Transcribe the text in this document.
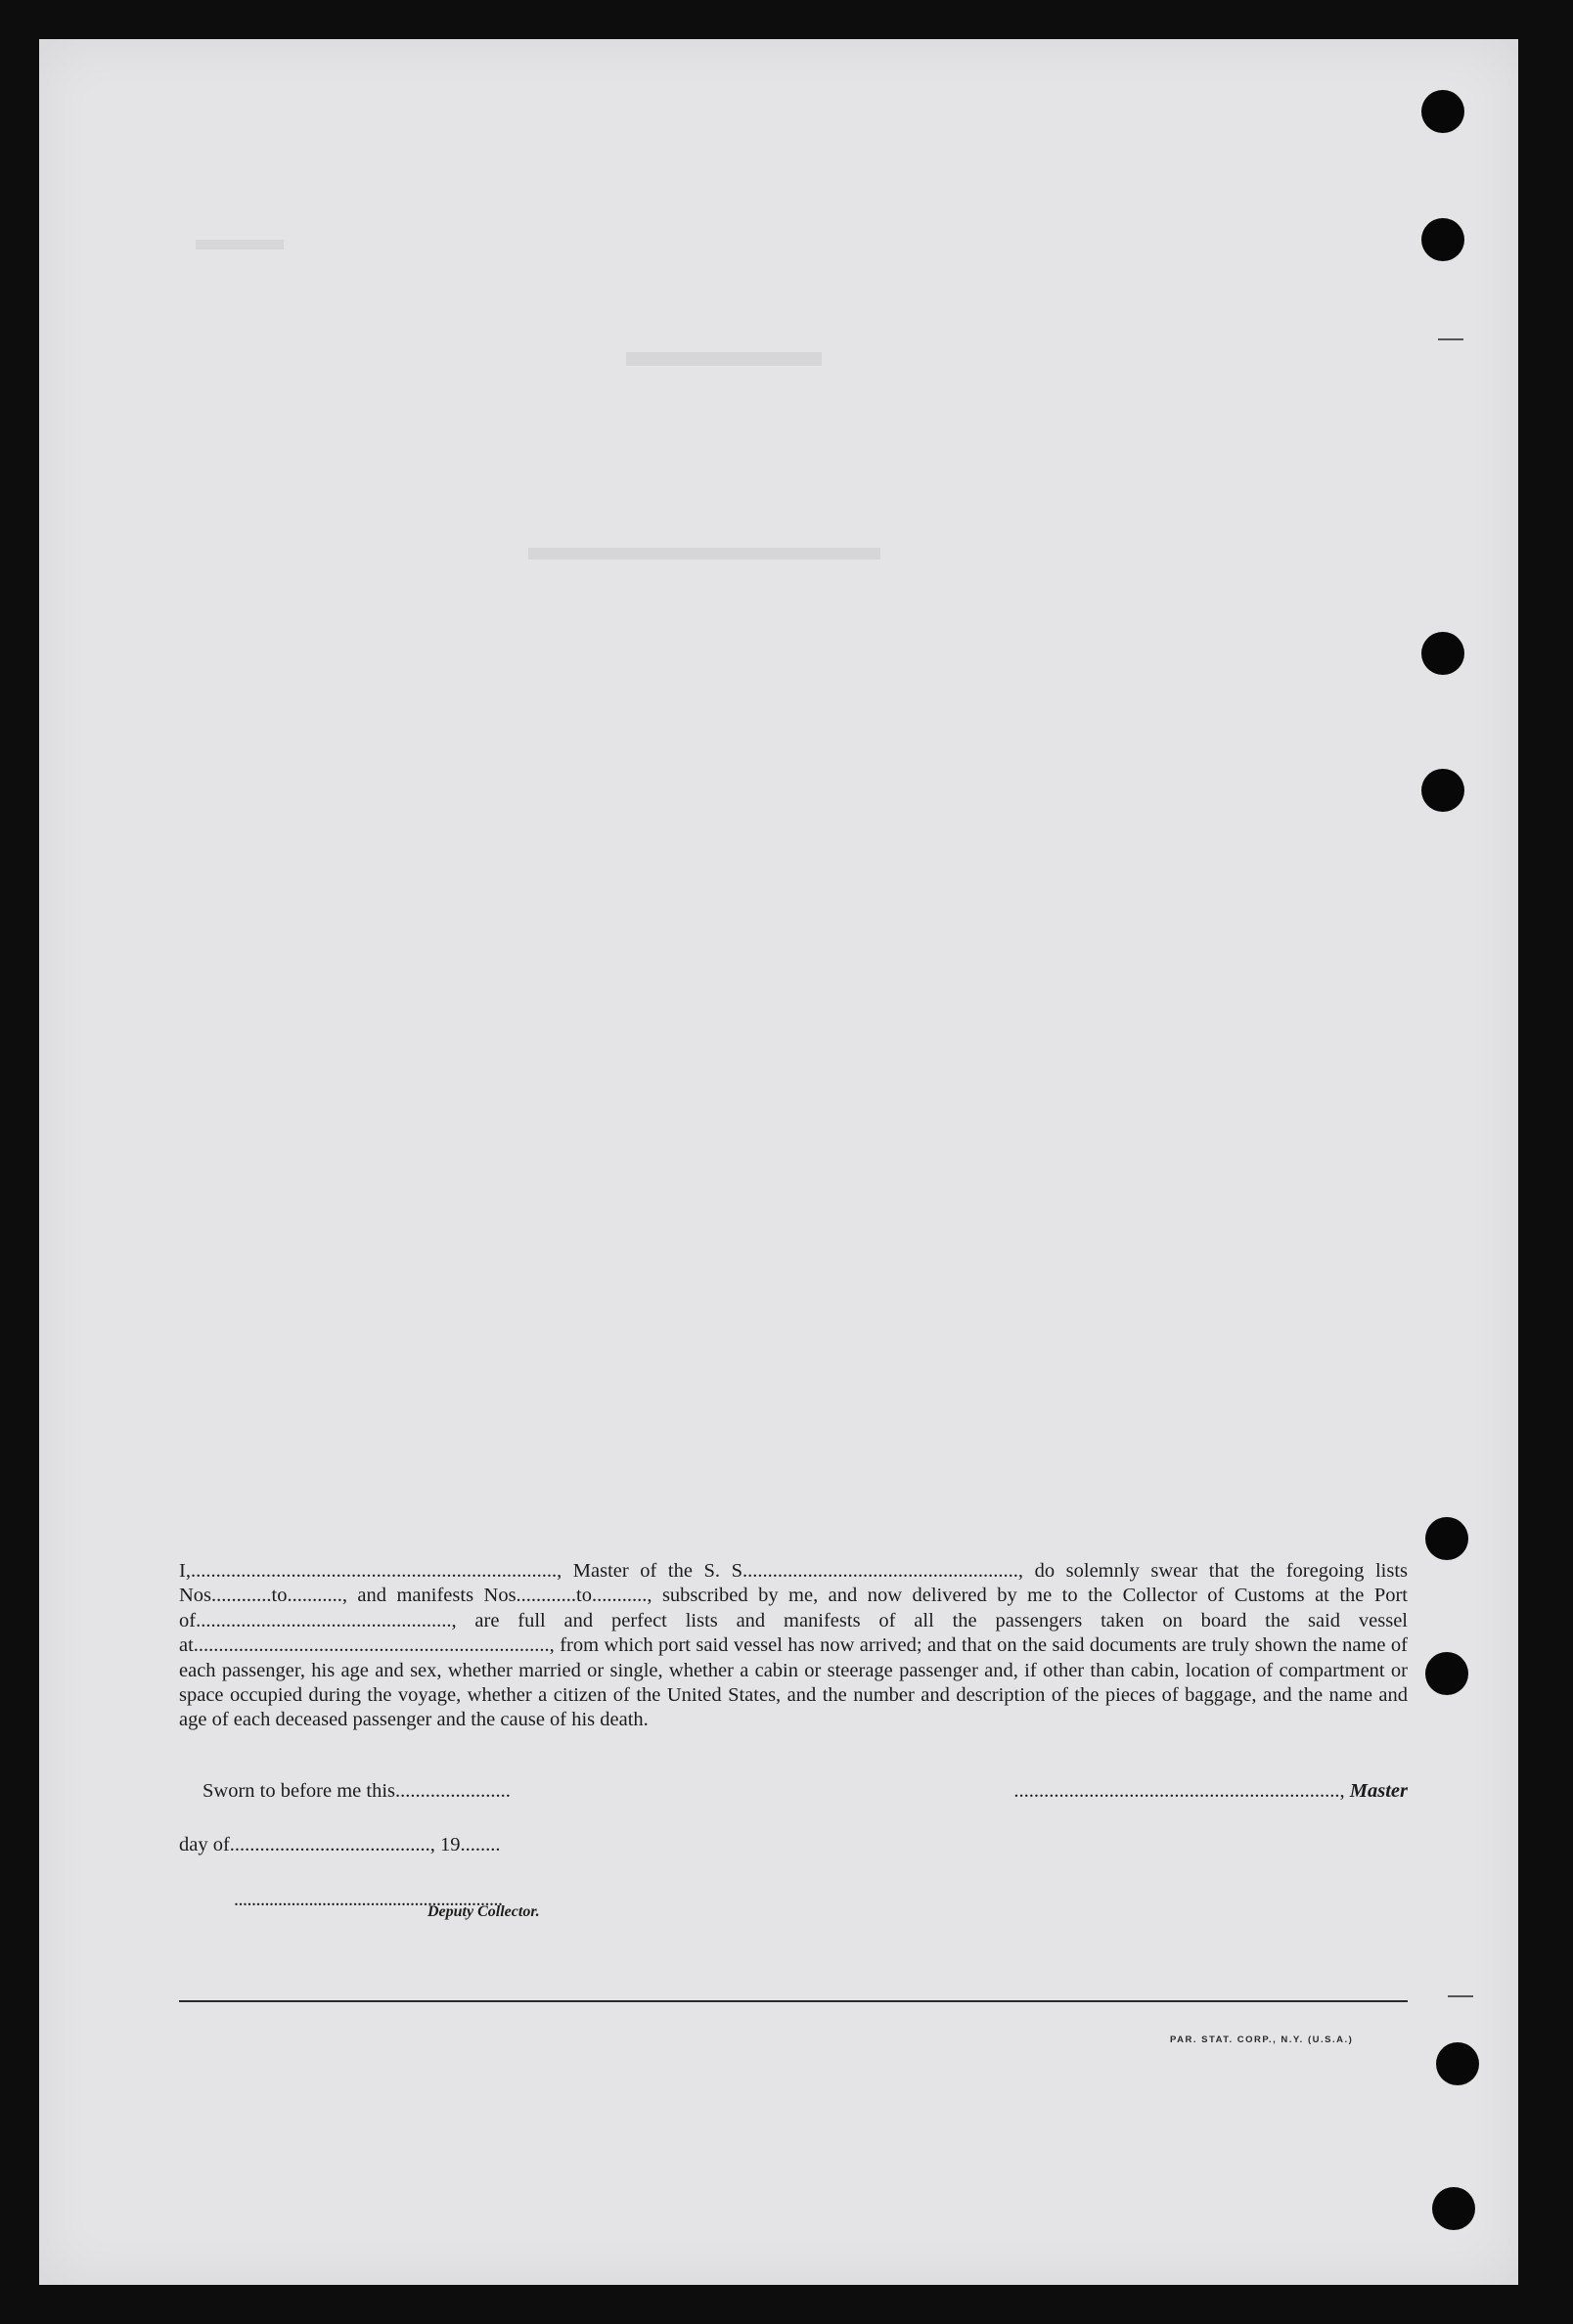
I,........................................................................., Master of the S. S......................................................., do solemnly swear that the foregoing lists Nos............to..........., and manifests Nos............to..........., subscribed by me, and now delivered by me to the Collector of Customs at the Port of..................................................., are full and perfect lists and manifests of all the passengers taken on board the said vessel at......................................................................., from which port said vessel has now arrived; and that on the said documents are truly shown the name of each passenger, his age and sex, whether married or single, whether a cabin or steerage passenger and, if other than cabin, location of compartment or space occupied during the voyage, whether a citizen of the United States, and the number and description of the pieces of baggage, and the name and age of each deceased passenger and the cause of his death.
Sworn to before me this.......................	................................................................., Master
day of........................................, 19........
.............................................................
Deputy Collector.
PAR. STAT. CORP., N.Y. (U.S.A.)
